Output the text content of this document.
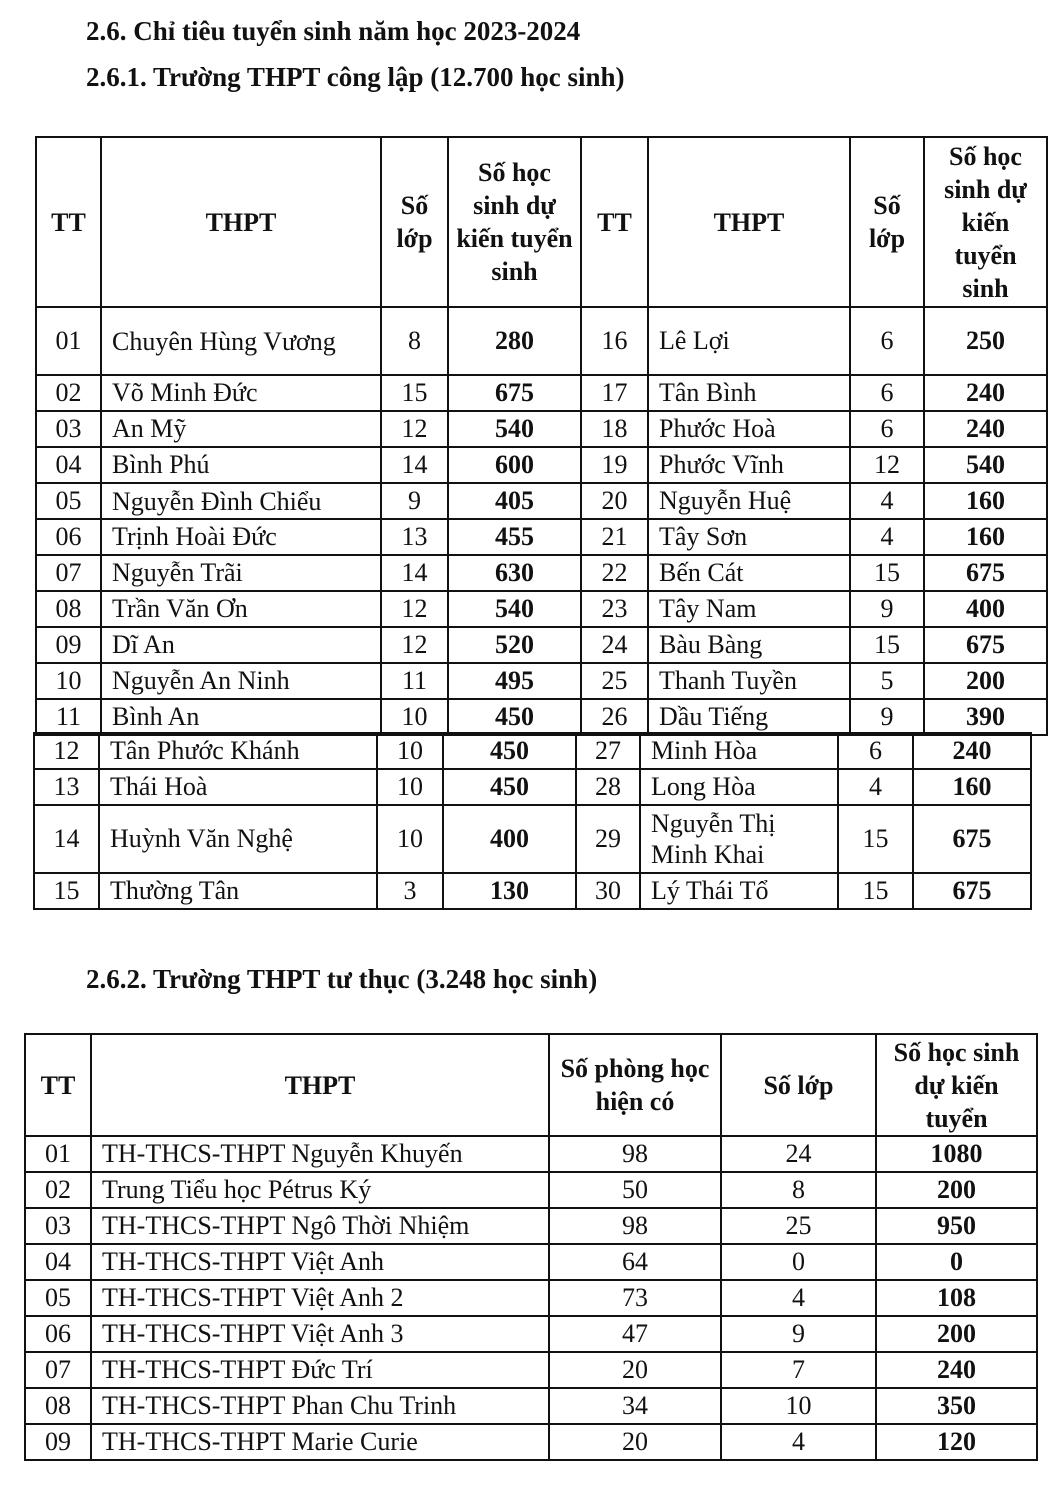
2.6. Chỉ tiêu tuyển sinh năm học 2023-2024
2.6.1. Trường THPT công lập (12.700 học sinh)
TT	THPT	Số lớp	Số học sinh dự kiến tuyển sinh	TT	THPT	Số lớp	Số học sinh dự kiến tuyển sinh
01	Chuyên Hùng Vương	8	280	16	Lê Lợi	6	250
02	Võ Minh Đức	15	675	17	Tân Bình	6	240
03	An Mỹ	12	540	18	Phước Hoà	6	240
04	Bình Phú	14	600	19	Phước Vĩnh	12	540
05	Nguyễn Đình Chiểu	9	405	20	Nguyễn Huệ	4	160
06	Trịnh Hoài Đức	13	455	21	Tây Sơn	4	160
07	Nguyễn Trãi	14	630	22	Bến Cát	15	675
08	Trần Văn Ơn	12	540	23	Tây Nam	9	400
09	Dĩ An	12	520	24	Bàu Bàng	15	675
10	Nguyễn An Ninh	11	495	25	Thanh Tuyền	5	200
11	Bình An	10	450	26	Dầu Tiếng	9	390
12	Tân Phước Khánh	10	450	27	Minh Hòa	6	240
13	Thái Hoà	10	450	28	Long Hòa	4	160
14	Huỳnh Văn Nghệ	10	400	29	Nguyễn Thị Minh Khai	15	675
15	Thường Tân	3	130	30	Lý Thái Tổ	15	675
2.6.2. Trường THPT tư thục (3.248 học sinh)
TT	THPT	Số phòng học hiện có	Số lớp	Số học sinh dự kiến tuyển
01	TH-THCS-THPT Nguyễn Khuyến	98	24	1080
02	Trung Tiểu học Pétrus Ký	50	8	200
03	TH-THCS-THPT Ngô Thời Nhiệm	98	25	950
04	TH-THCS-THPT Việt Anh	64	0	0
05	TH-THCS-THPT Việt Anh 2	73	4	108
06	TH-THCS-THPT Việt Anh 3	47	9	200
07	TH-THCS-THPT Đức Trí	20	7	240
08	TH-THCS-THPT Phan Chu Trinh	34	10	350
09	TH-THCS-THPT Marie Curie	20	4	120
